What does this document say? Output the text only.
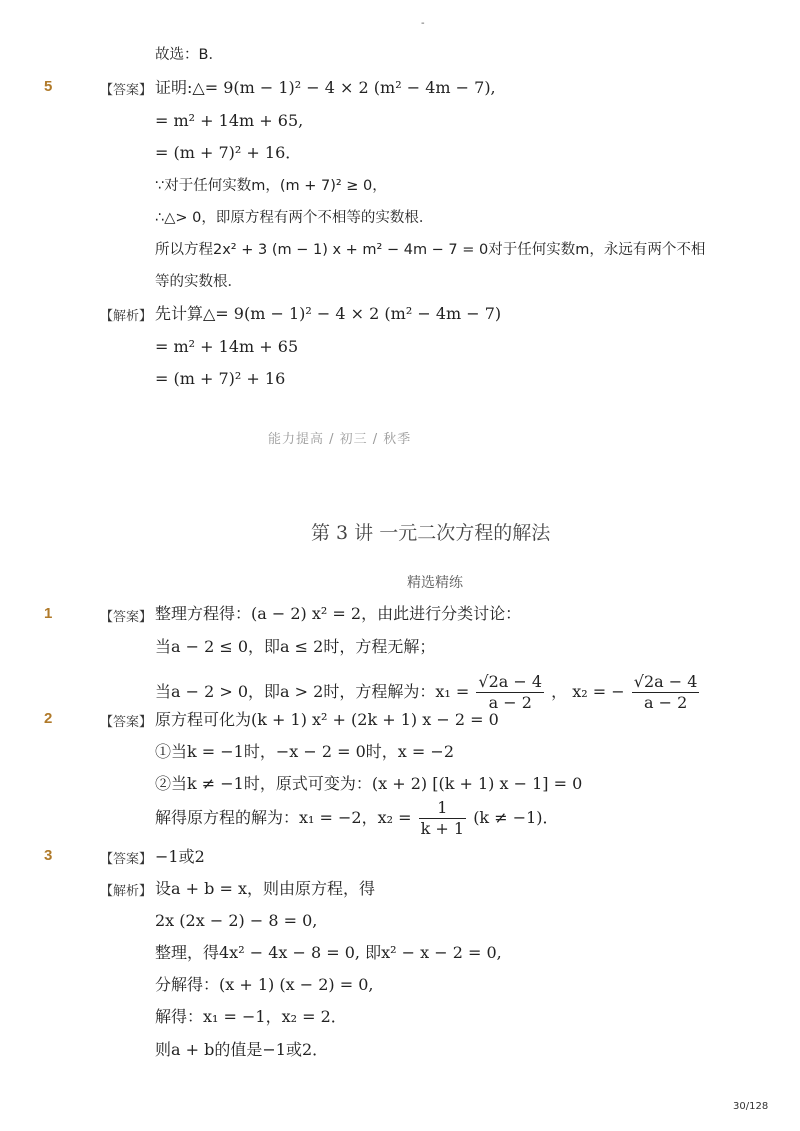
-
故选：B．
5	【答案】 证明:△= 9(m − 1)² − 4 × 2 (m² − 4m − 7),
= m² + 14m + 65,
= (m + 7)² + 16．
∵对于任何实数m，(m + 7)² ≥ 0，
∴△> 0，即原方程有两个不相等的实数根．
所以方程2x² + 3 (m − 1) x + m² − 4m − 7 = 0对于任何实数m，永远有两个不相
等的实数根．
【解析】 先计算△= 9(m − 1)² − 4 × 2 (m² − 4m − 7)
= m² + 14m + 65
= (m + 7)² + 16
能力提高 / 初三 / 秋季
第 3 讲 一元二次方程的解法
精选精练
1	【答案】 整理方程得：(a − 2) x² = 2，由此进行分类讨论：
当a − 2 ≤ 0，即a ≤ 2时，方程无解；
当a − 2 > 0，即a > 2时，方程解为：$x_1 = \frac{√2a - 4}{a - 2}$ ， x₂ = − $\frac{√2a - 4}{a - 2}$
2	【答案】 原方程可化为(k + 1) x² + (2k + 1) x − 2 = 0
①当k = −1时，−x − 2 = 0时，x = −2
②当k ≠ −1时，原式可变为：(x + 2) [(k + 1) x − 1] = 0
解得原方程的解为：x₁ = −2，$x_2 = \frac{1}{k + 1} (k \ne -1)$．
3	【答案】 −1或2
【解析】 设a + b = x，则由原方程，得
2x (2x − 2) − 8 = 0,
整理，得4x² − 4x − 8 = 0, 即x² − x − 2 = 0,
分解得：(x + 1) (x − 2) = 0,
解得：x₁ = −1，x₂ = 2．
则a + b的值是−1或2．
30/128
